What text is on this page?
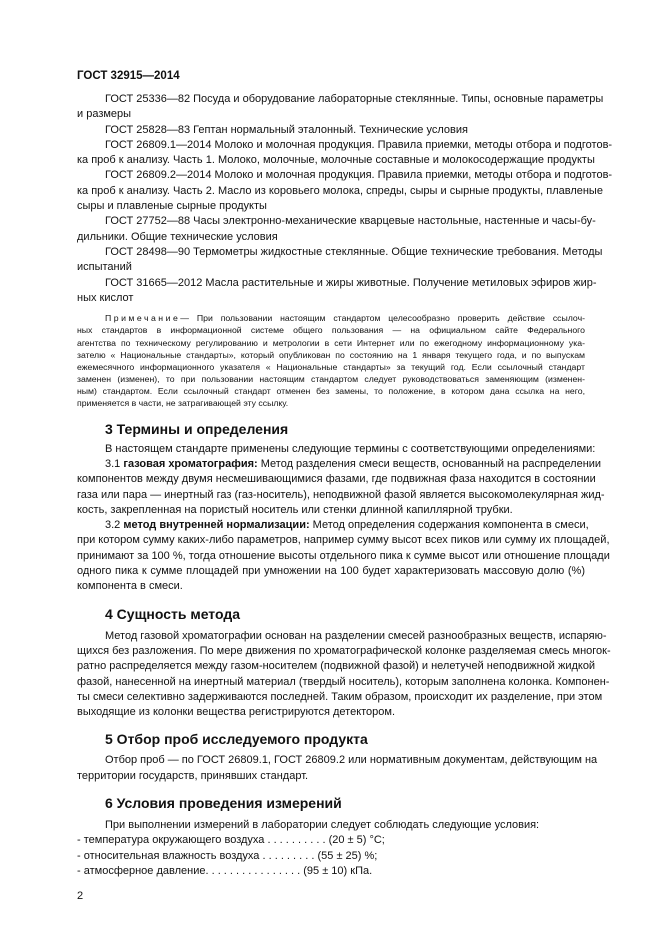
ГОСТ 32915—2014
ГОСТ 25336—82 Посуда и оборудование лабораторные стеклянные. Типы, основные параметры
и размеры
ГОСТ 25828—83 Гептан нормальный эталонный. Технические условия
ГОСТ 26809.1—2014 Молоко и молочная продукция. Правила приемки, методы отбора и подготов-
ка проб к анализу. Часть 1. Молоко, молочные, молочные составные и молокосодержащие продукты
ГОСТ 26809.2—2014 Молоко и молочная продукция. Правила приемки, методы отбора и подготов-
ка проб к анализу. Часть 2. Масло из коровьего молока, спреды, сыры и сырные продукты, плавленые
сыры и плавленые сырные продукты
ГОСТ 27752—88 Часы электронно-механические кварцевые настольные, настенные и часы-бу-
дильники. Общие технические условия
ГОСТ 28498—90 Термометры жидкостные стеклянные. Общие технические требования. Методы
испытаний
ГОСТ 31665—2012 Масла растительные и жиры животные. Получение метиловых эфиров жир-
ных кислот
Примечание— При пользовании настоящим стандартом целесообразно проверить действие ссылоч-
ных стандартов в информационной системе общего пользования — на официальном сайте Федерального
агентства по техническому регулированию и метрологии в сети Интернет или по ежегодному информационному ука-
зателю « Национальные стандарты», который опубликован по состоянию на 1 января текущего года, и по выпускам
ежемесячного информационного указателя « Национальные стандарты» за текущий год. Если ссылочный стандарт
заменен (изменен), то при пользовании настоящим стандартом следует руководствоваться заменяющим (изменен-
ным) стандартом. Если ссылочный стандарт отменен без замены, то положение, в котором дана ссылка на него,
применяется в части, не затрагивающей эту ссылку.
3 Термины и определения
В настоящем стандарте применены следующие термины с соответствующими определениями:
3.1 газовая хроматография: Метод разделения смеси веществ, основанный на распределении
компонентов между двумя несмешивающимися фазами, где подвижная фаза находится в состоянии
газа или пара — инертный газ (газ-носитель), неподвижной фазой является высокомолекулярная жид-
кость, закрепленная на пористый носитель или стенки длинной капиллярной трубки.
3.2 метод внутренней нормализации: Метод определения содержания компонента в смеси,
при котором сумму каких-либо параметров, например сумму высот всех пиков или сумму их площадей,
принимают за 100 %, тогда отношение высоты отдельного пика к сумме высот или отношение площади
одного пика к сумме площадей при умножении на 100 будет характеризовать массовую долю (%)
компонента в смеси.
4 Сущность метода
Метод газовой хроматографии основан на разделении смесей разнообразных веществ, испаряю-
щихся без разложения. По мере движения по хроматографической колонке разделяемая смесь многок-
ратно распределяется между газом-носителем (подвижной фазой) и нелетучей неподвижной жидкой
фазой, нанесенной на инертный материал (твердый носитель), которым заполнена колонка. Компонен-
ты смеси селективно задерживаются последней. Таким образом, происходит их разделение, при этом
выходящие из колонки вещества регистрируются детектором.
5 Отбор проб исследуемого продукта
Отбор проб — по ГОСТ 26809.1, ГОСТ 26809.2 или нормативным документам, действующим на
территории государств, принявших стандарт.
6 Условия проведения измерений
При выполнении измерений в лаборатории следует соблюдать следующие условия:
- температура окружающего воздуха . . . . . . . . . . (20 ± 5) °С;
- относительная влажность воздуха . . . . . . . . . (55 ± 25) %;
- атмосферное давление. . . . . . . . . . . . . . . . (95 ± 10) кПа.
2
